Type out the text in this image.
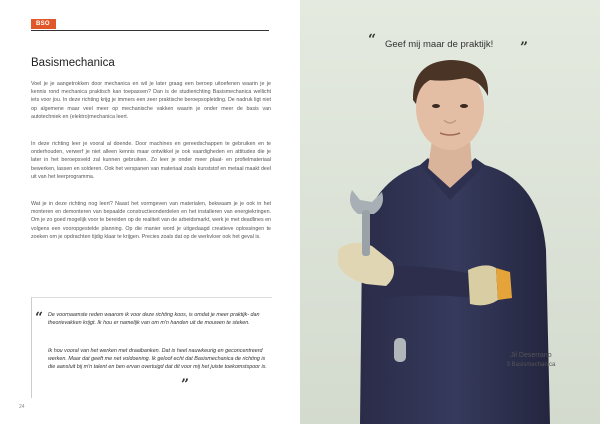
BSO
Basismechanica

Voel je je aangetrokken door mechanica en wil je later graag een beroep uitoefenen waarin je je kennis rond mechanica praktisch kan toepassen? Dan is de studierichting Basismechanica wellicht iets voor jou. In deze richting krijg je immers een zeer praktische beroepsopleiding. De nadruk ligt niet op algemene maar veel meer op mechanische vakken waarin je onder meer de basis van autotechniek en (elektro)mechanica leert.

In deze richting leer je vooral al doende. Door machines en gereedschappen te gebruiken en te onderhouden, verwerf je niet alleen kennis maar ontwikkel je ook vaardigheden en attitudes die je later in het beroepsveld zal kunnen gebruiken. Zo leer je onder meer plaat- en profielmateriaal bewerken, lassen en solderen. Ook het verspanen van materiaal zoals kunststof en metaal maakt deel uit van het leerprogramma.

Wat je in deze richting nog leert? Naast het vormgeven van materialen, bekwaam je je ook in het monteren en demonteren van bepaalde constructieonderdelen en het installeren van energiekringen. Om je zo goed mogelijk voor te bereiden op de realiteit van de arbeidsmarkt, werk je met deadlines en volgens een vooropgestelde planning. Op die manier word je uitgedaagd creatieve oplossingen te zoeken om je opdrachten tijdig klaar te krijgen. Precies zoals dat op de werkvloer ook het geval is.

“ De voornaamste reden waarom ik voor deze richting koos, is omdat je meer praktijk- dan theorievakken krijgt. Ik hou er namelijk van om m'n handen uit de mouwen te steken.

Ik hou vooral van het werken met draaibanken. Dat is heel nauwkeurig en geconcentreerd werken. Maar dat geeft me net voldoening. Ik geloof echt dat Basismechanica de richting is die aansluit bij m'n talent en ben ervan overtuigd dat dit voor mij het juiste toekomstspoor is.

”
24
“ Geef mij maar de praktijk! ”
Jil Deserrano
3 Basismechanica
